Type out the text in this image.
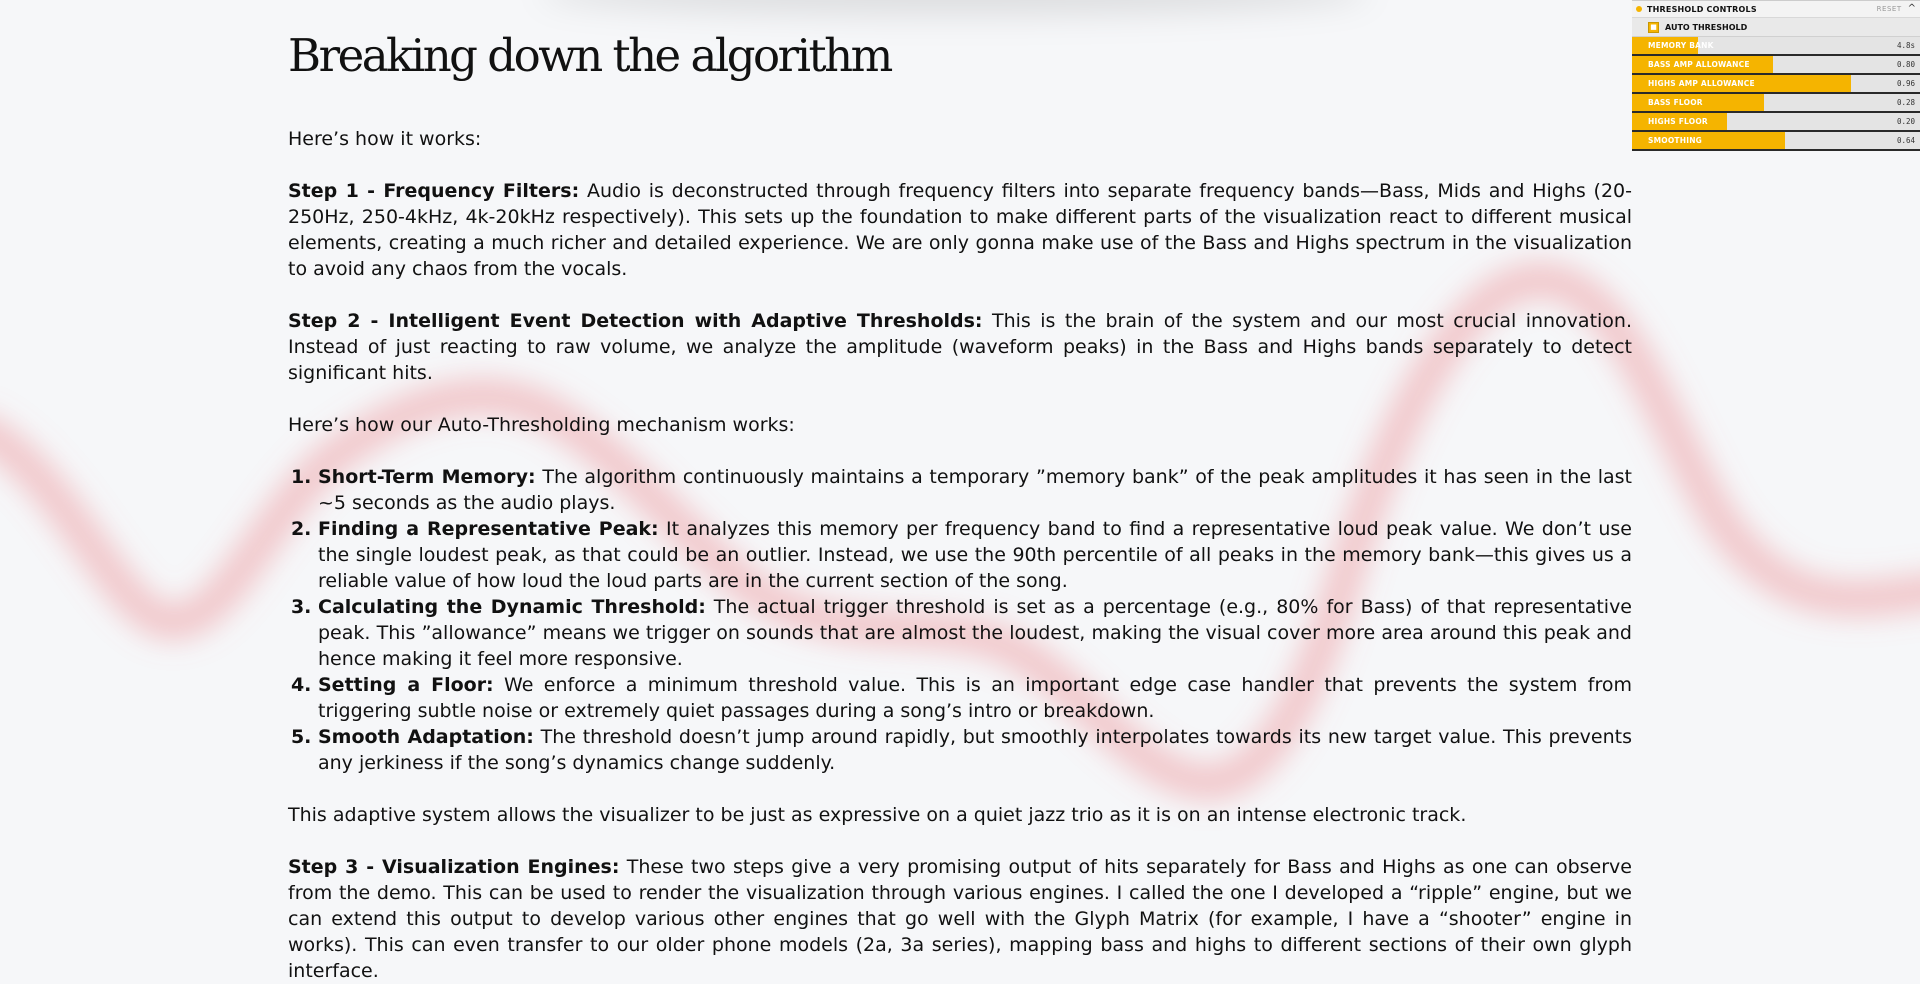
Breaking down the algorithm

Here’s how it works:

Step 1 - Frequency Filters: Audio is deconstructed through frequency filters into separate frequency bands—Bass, Mids and Highs (20-250Hz, 250-4kHz, 4k-20kHz respectively). This sets up the foundation to make different parts of the visualization react to different musical elements, creating a much richer and detailed experience. We are only gonna make use of the Bass and Highs spectrum in the visualization to avoid any chaos from the vocals.

Step 2 - Intelligent Event Detection with Adaptive Thresholds: This is the brain of the system and our most crucial innovation. Instead of just reacting to raw volume, we analyze the amplitude (waveform peaks) in the Bass and Highs bands separately to detect significant hits.

Here’s how our Auto-Thresholding mechanism works:

1. Short-Term Memory: The algorithm continuously maintains a temporary ”memory bank” of the peak amplitudes it has seen in the last ~5 seconds as the audio plays.
2. Finding a Representative Peak: It analyzes this memory per frequency band to find a representative loud peak value. We don’t use the single loudest peak, as that could be an outlier. Instead, we use the 90th percentile of all peaks in the memory bank—this gives us a reliable value of how loud the loud parts are in the current section of the song.
3. Calculating the Dynamic Threshold: The actual trigger threshold is set as a percentage (e.g., 80% for Bass) of that representative peak. This ”allowance” means we trigger on sounds that are almost the loudest, making the visual cover more area around this peak and hence making it feel more responsive.
4. Setting a Floor: We enforce a minimum threshold value. This is an important edge case handler that prevents the system from triggering subtle noise or extremely quiet passages during a song’s intro or breakdown.
5. Smooth Adaptation: The threshold doesn’t jump around rapidly, but smoothly interpolates towards its new target value. This prevents any jerkiness if the song’s dynamics change suddenly.

This adaptive system allows the visualizer to be just as expressive on a quiet jazz trio as it is on an intense electronic track.

Step 3 - Visualization Engines: These two steps give a very promising output of hits separately for Bass and Highs as one can observe from the demo. This can be used to render the visualization through various engines. I called the one I developed a “ripple” engine, but we can extend this output to develop various other engines that go well with the Glyph Matrix (for example, I have a “shooter” engine in works). This can even transfer to our older phone models (2a, 3a series), mapping bass and highs to different sections of their own glyph interface.

THRESHOLD CONTROLS	RESET ^
■ AUTO THRESHOLD
MEMORY BANK	4.8s
BASS AMP ALLOWANCE	0.80
HIGHS AMP ALLOWANCE	0.96
BASS FLOOR	0.28
HIGHS FLOOR	0.20
SMOOTHING	0.64
